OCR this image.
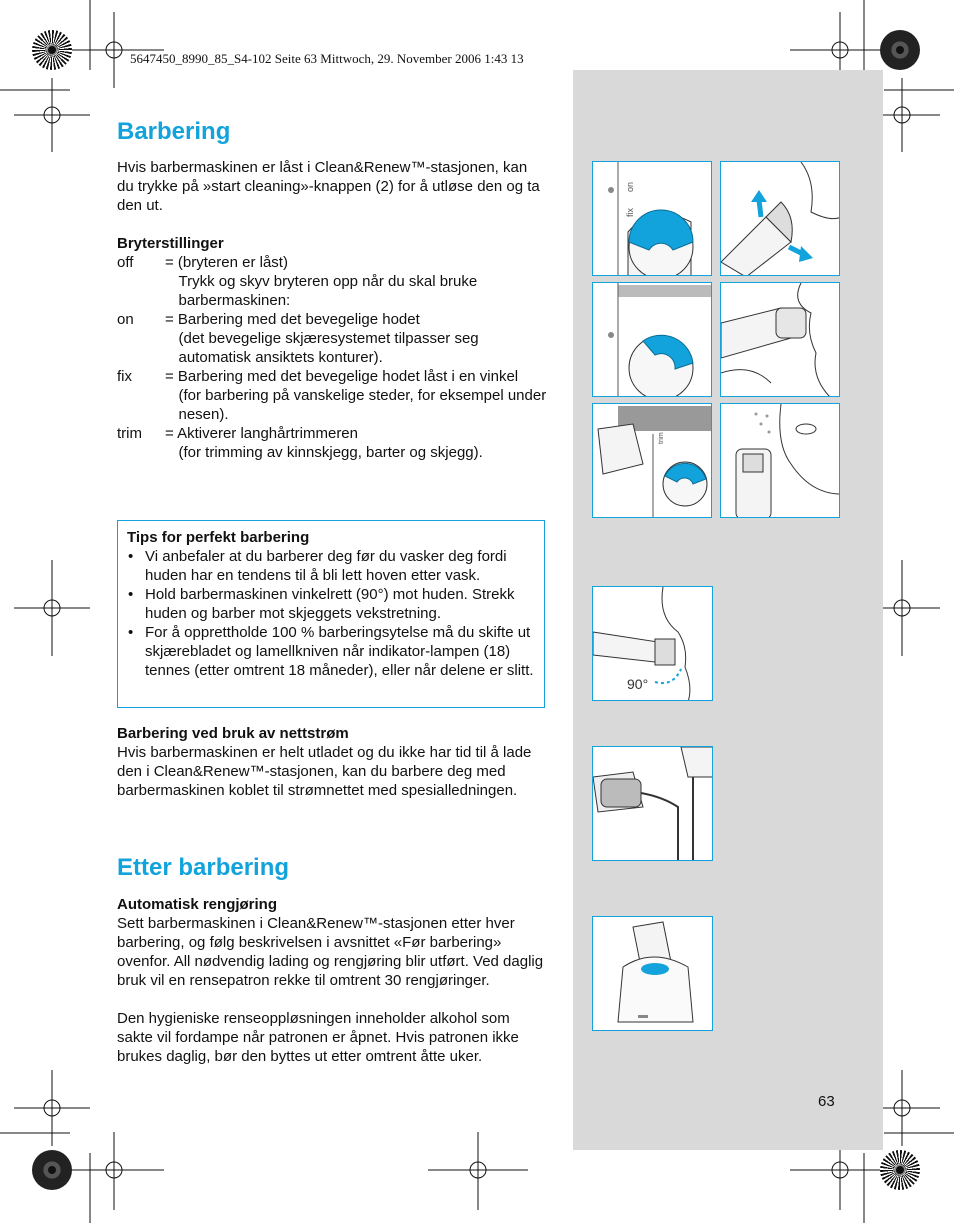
5647450_8990_85_S4-102 Seite 63 Mittwoch, 29. November 2006 1:43 13
Barbering
Hvis barbermaskinen er låst i Clean&Renew™-stasjonen, kan du trykke på »start cleaning»-knappen (2) for å utløse den og ta den ut.
Bryterstillinger
off	= (bryteren er låst)
Trykk og skyv bryteren opp når du skal bruke barbermaskinen:
on	= Barbering med det bevegelige hodet
(det bevegelige skjæresystemet tilpasser seg automatisk ansiktets konturer).
fix	= Barbering med det bevegelige hodet låst i en vinkel
(for barbering på vanskelige steder, for eksempel under nesen).
trim	= Aktiverer langhårtrimmeren
(for trimming av kinnskjegg, barter og skjegg).
Tips for perfekt barbering
• Vi anbefaler at du barberer deg før du vasker deg fordi huden har en tendens til å bli lett hoven etter vask.
• Hold barbermaskinen vinkelrett (90°) mot huden. Strekk huden og barber mot skjeggets vekstretning.
• For å opprettholde 100 % barberingsytelse må du skifte ut skjærebladet og lamellkniven når indikator-lampen (18) tennes (etter omtrent 18 måneder), eller når delene er slitt.
Barbering ved bruk av nettstrøm
Hvis barbermaskinen er helt utladet og du ikke har tid til å lade den i Clean&Renew™-stasjonen, kan du barbere deg med barbermaskinen koblet til strømnettet med spesialledningen.
Etter barbering
Automatisk rengjøring
Sett barbermaskinen i Clean&Renew™-stasjonen etter hver barbering, og følg beskrivelsen i avsnittet «Før barbering» ovenfor. All nødvendig lading og rengjøring blir utført. Ved daglig bruk vil en rensepatron rekke til omtrent 30 rengjøringer.
Den hygieniske renseoppløsningen inneholder alkohol som sakte vil fordampe når patronen er åpnet. Hvis patronen ikke brukes daglig, bør den byttes ut etter omtrent åtte uker.
fix
on
trim
90°
63
